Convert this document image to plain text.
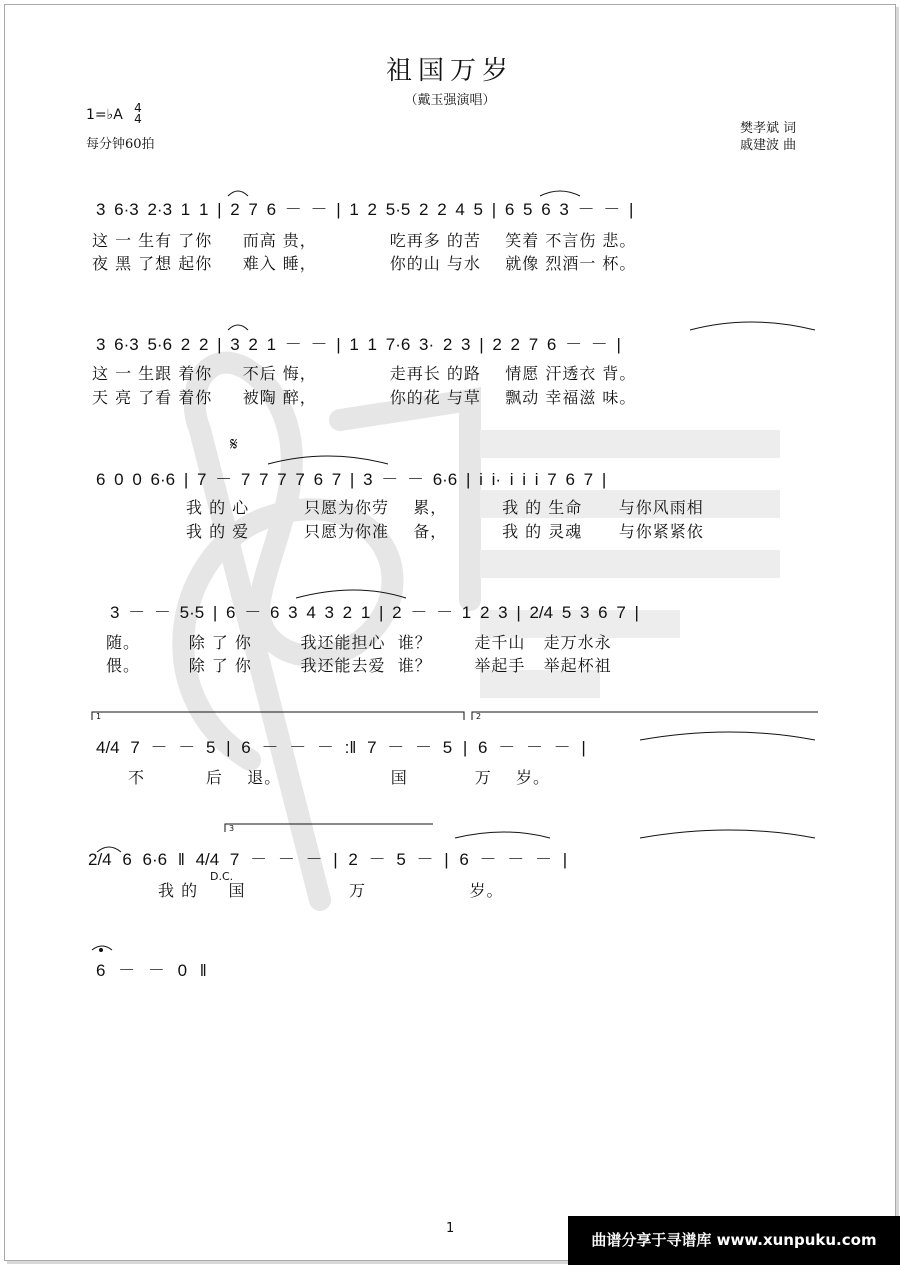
祖国万岁
（戴玉强演唱）
1=♭A 4
4
每分钟60拍
樊孝斌 词
戚建波 曲
3 6·3 2·3 1 1 | 2 7 6 － － | 1 2 5·5 2 2 4 5 | 6 5 6 3 － － |
这 一 生有 了你     而高 贵，            吃再多 的苦    笑着 不言伤 悲。
夜 黑 了想 起你     难入 睡，            你的山 与水    就像 烈酒一 杯。
3 6·3 5·6 2 2 | 3 2 1 － － | 1 1 7·6 3· 2 3 | 2 2 7 6 － － |
这 一 生跟 着你     不后 悔，            走再长 的路    情愿 汗透衣 背。
天 亮 了看 着你     被陶 醉，            你的花 与草    飘动 幸福滋 味。
𝄋
6 0 0 6·6 | 7 － 7 7 7 7 6 7 | 3 － － 6·6 | i i· i i i 7 6 7 |
我 的 心         只愿为你劳    累，         我 的 生命      与你风雨相
我 的 爱         只愿为你准    备，         我 的 灵魂      与你紧紧依
3 － － 5·5 | 6 － 6 3 4 3 2 1 | 2 － － 1 2 3 | 2/4 5 3 6 7 |
随。        除 了 你        我还能担心  谁？       走千山   走万水永
偎。        除 了 你        我还能去爱  谁？       举起手   举起杯祖
1	2
3
4/4 7 － － 5 | 6 － － － :‖ 7 － － 5 | 6 － － － |
不          后    退。                  国           万    岁。
2/4 6 6·6 ‖ 4/4 7 － － － | 2 － 5 － | 6 － － － |
D.C.
我 的     国                 万                 岁。
6 － － 0 ‖
1
曲谱分享于寻谱库 www.xunpuku.com
